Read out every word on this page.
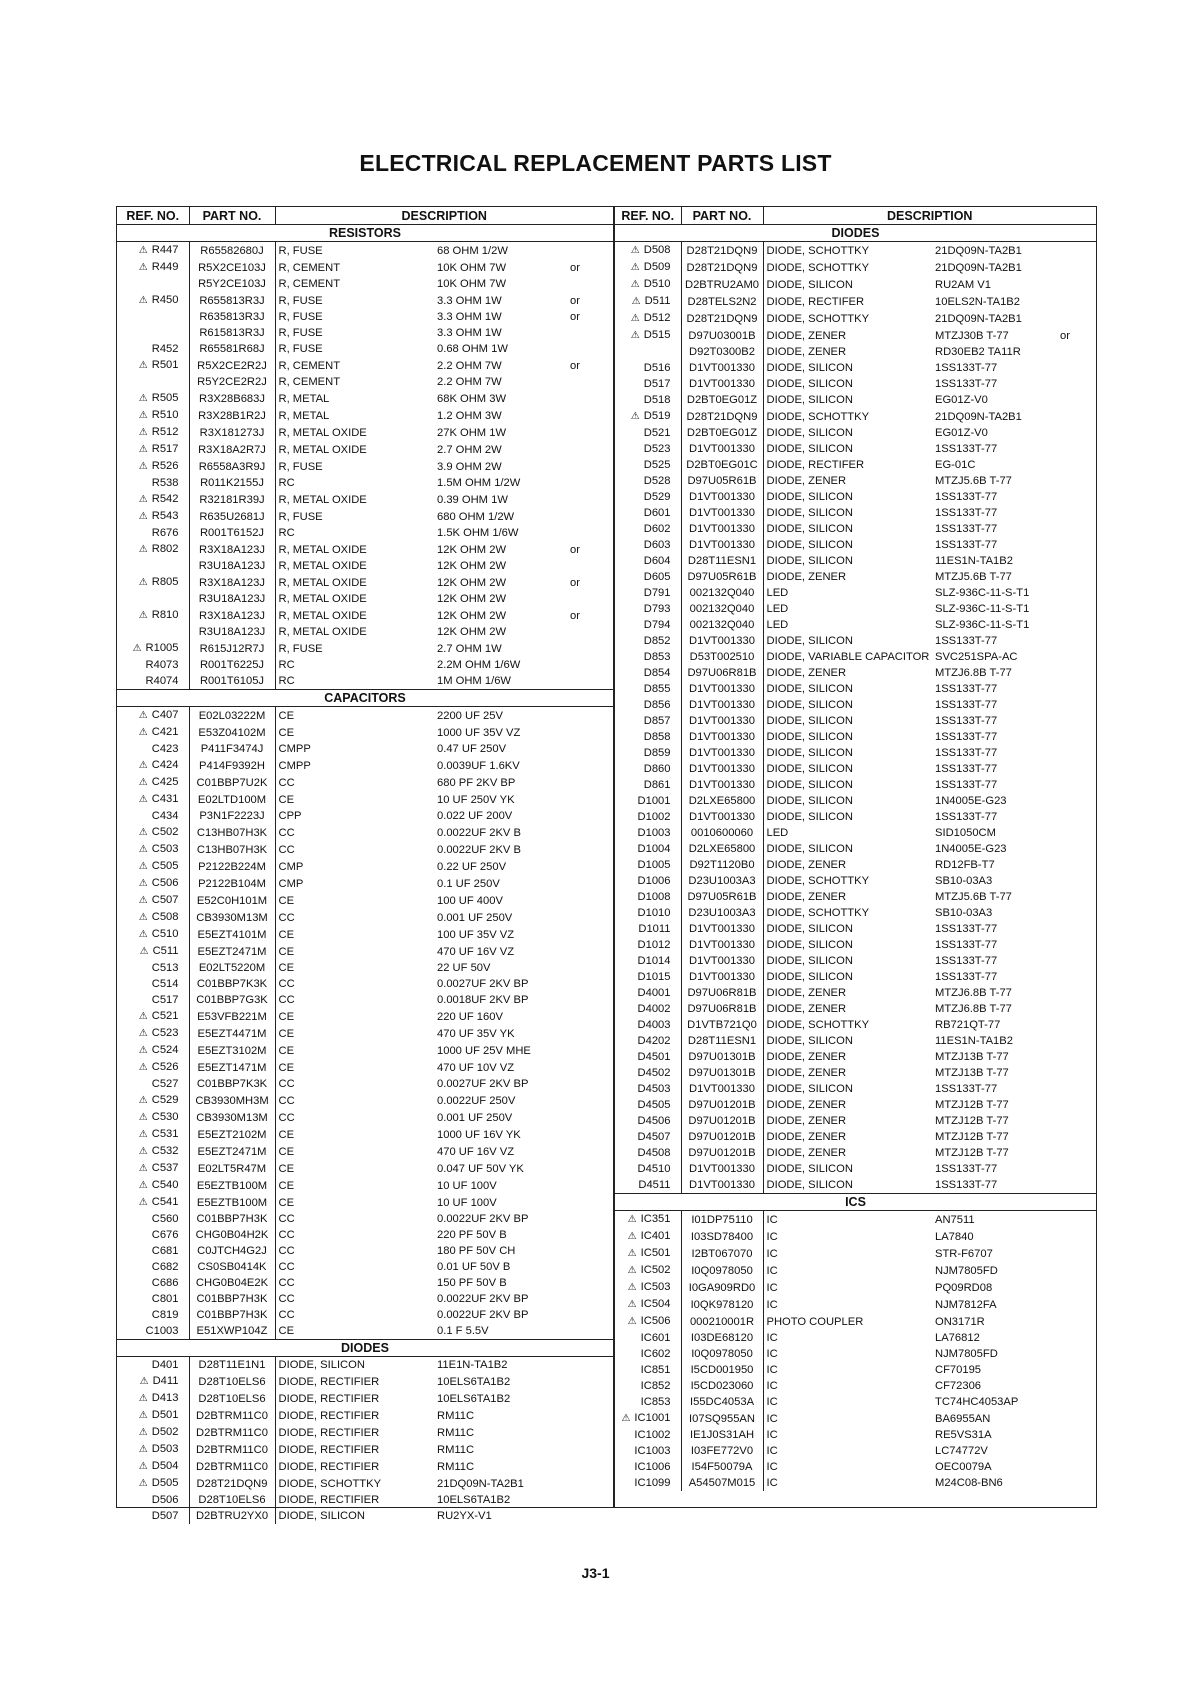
ELECTRICAL REPLACEMENT PARTS LIST
REF. NO.	PART NO.	DESCRIPTION			
RESISTORS					
⚠ R447	R65582680J	R, FUSE	68 OHM 1/2W		
⚠ R449	R5X2CE103J	R, CEMENT	10K OHM 7W	or	
	R5Y2CE103J	R, CEMENT	10K OHM 7W		
⚠ R450	R655813R3J	R, FUSE	3.3 OHM 1W	or	
	R635813R3J	R, FUSE	3.3 OHM 1W	or	
	R615813R3J	R, FUSE	3.3 OHM 1W		
R452	R65581R68J	R, FUSE	0.68 OHM 1W		
⚠ R501	R5X2CE2R2J	R, CEMENT	2.2 OHM 7W	or	
	R5Y2CE2R2J	R, CEMENT	2.2 OHM 7W		
⚠ R505	R3X28B683J	R, METAL	68K OHM 3W		
⚠ R510	R3X28B1R2J	R, METAL	1.2 OHM 3W		
⚠ R512	R3X181273J	R, METAL OXIDE	27K OHM 1W		
⚠ R517	R3X18A2R7J	R, METAL OXIDE	2.7 OHM 2W		
⚠ R526	R6558A3R9J	R, FUSE	3.9 OHM 2W		
R538	R011K2155J	RC	1.5M OHM 1/2W		
⚠ R542	R32181R39J	R, METAL OXIDE	0.39 OHM 1W		
⚠ R543	R635U2681J	R, FUSE	680 OHM 1/2W		
R676	R001T6152J	RC	1.5K OHM 1/6W		
⚠ R802	R3X18A123J	R, METAL OXIDE	12K OHM 2W	or	
	R3U18A123J	R, METAL OXIDE	12K OHM 2W		
⚠ R805	R3X18A123J	R, METAL OXIDE	12K OHM 2W	or	
	R3U18A123J	R, METAL OXIDE	12K OHM 2W		
⚠ R810	R3X18A123J	R, METAL OXIDE	12K OHM 2W	or	
	R3U18A123J	R, METAL OXIDE	12K OHM 2W		
⚠ R1005	R615J12R7J	R, FUSE	2.7 OHM 1W		
R4073	R001T6225J	RC	2.2M OHM 1/6W		
R4074	R001T6105J	RC	1M OHM 1/6W		
CAPACITORS					
⚠ C407	E02L03222M	CE	2200 UF 25V		
⚠ C421	E53Z04102M	CE	1000 UF 35V VZ		
C423	P411F3474J	CMPP	0.47 UF 250V		
⚠ C424	P414F9392H	CMPP	0.0039UF 1.6KV		
⚠ C425	C01BBP7U2K	CC	680 PF 2KV BP		
⚠ C431	E02LTD100M	CE	10 UF 250V YK		
C434	P3N1F2223J	CPP	0.022 UF 200V		
⚠ C502	C13HB07H3K	CC	0.0022UF 2KV B		
⚠ C503	C13HB07H3K	CC	0.0022UF 2KV B		
⚠ C505	P2122B224M	CMP	0.22 UF 250V		
⚠ C506	P2122B104M	CMP	0.1 UF 250V		
⚠ C507	E52C0H101M	CE	100 UF 400V		
⚠ C508	CB3930M13M	CC	0.001 UF 250V		
⚠ C510	E5EZT4101M	CE	100 UF 35V VZ		
⚠ C511	E5EZT2471M	CE	470 UF 16V VZ		
C513	E02LT5220M	CE	22 UF 50V		
C514	C01BBP7K3K	CC	0.0027UF 2KV BP		
C517	C01BBP7G3K	CC	0.0018UF 2KV BP		
⚠ C521	E53VFB221M	CE	220 UF 160V		
⚠ C523	E5EZT4471M	CE	470 UF 35V YK		
⚠ C524	E5EZT3102M	CE	1000 UF 25V MHE		
⚠ C526	E5EZT1471M	CE	470 UF 10V VZ		
C527	C01BBP7K3K	CC	0.0027UF 2KV BP		
⚠ C529	CB3930MH3M	CC	0.0022UF 250V		
⚠ C530	CB3930M13M	CC	0.001 UF 250V		
⚠ C531	E5EZT2102M	CE	1000 UF 16V YK		
⚠ C532	E5EZT2471M	CE	470 UF 16V VZ		
⚠ C537	E02LT5R47M	CE	0.047 UF 50V YK		
⚠ C540	E5EZTB100M	CE	10 UF 100V		
⚠ C541	E5EZTB100M	CE	10 UF 100V		
C560	C01BBP7H3K	CC	0.0022UF 2KV BP		
C676	CHG0B04H2K	CC	220 PF 50V B		
C681	C0JTCH4G2J	CC	180 PF 50V CH		
C682	CS0SB0414K	CC	0.01 UF 50V B		
C686	CHG0B04E2K	CC	150 PF 50V B		
C801	C01BBP7H3K	CC	0.0022UF 2KV BP		
C819	C01BBP7H3K	CC	0.0022UF 2KV BP		
C1003	E51XWP104Z	CE	0.1 F 5.5V		
DIODES					
D401	D28T11E1N1	DIODE, SILICON	11E1N-TA1B2		
⚠ D411	D28T10ELS6	DIODE, RECTIFIER	10ELS6TA1B2		
⚠ D413	D28T10ELS6	DIODE, RECTIFIER	10ELS6TA1B2		
⚠ D501	D2BTRM11C0	DIODE, RECTIFIER	RM11C		
⚠ D502	D2BTRM11C0	DIODE, RECTIFIER	RM11C		
⚠ D503	D2BTRM11C0	DIODE, RECTIFIER	RM11C		
⚠ D504	D2BTRM11C0	DIODE, RECTIFIER	RM11C		
⚠ D505	D28T21DQN9	DIODE, SCHOTTKY	21DQ09N-TA2B1		
D506	D28T10ELS6	DIODE, RECTIFIER	10ELS6TA1B2		
D507	D2BTRU2YX0	DIODE, SILICON	RU2YX-V1		
REF. NO.	PART NO.	DESCRIPTION			
DIODES					
⚠ D508	D28T21DQN9	DIODE, SCHOTTKY	21DQ09N-TA2B1		
⚠ D509	D28T21DQN9	DIODE, SCHOTTKY	21DQ09N-TA2B1		
⚠ D510	D2BTRU2AM0	DIODE, SILICON	RU2AM V1		
⚠ D511	D28TELS2N2	DIODE, RECTIFER	10ELS2N-TA1B2		
⚠ D512	D28T21DQN9	DIODE, SCHOTTKY	21DQ09N-TA2B1		
⚠ D515	D97U03001B	DIODE, ZENER	MTZJ30B T-77	or	
	D92T0300B2	DIODE, ZENER	RD30EB2 TA11R		
D516	D1VT001330	DIODE, SILICON	1SS133T-77		
D517	D1VT001330	DIODE, SILICON	1SS133T-77		
D518	D2BT0EG01Z	DIODE, SILICON	EG01Z-V0		
⚠ D519	D28T21DQN9	DIODE, SCHOTTKY	21DQ09N-TA2B1		
D521	D2BT0EG01Z	DIODE, SILICON	EG01Z-V0		
D523	D1VT001330	DIODE, SILICON	1SS133T-77		
D525	D2BT0EG01C	DIODE, RECTIFER	EG-01C		
D528	D97U05R61B	DIODE, ZENER	MTZJ5.6B T-77		
D529	D1VT001330	DIODE, SILICON	1SS133T-77		
D601	D1VT001330	DIODE, SILICON	1SS133T-77		
D602	D1VT001330	DIODE, SILICON	1SS133T-77		
D603	D1VT001330	DIODE, SILICON	1SS133T-77		
D604	D28T11ESN1	DIODE, SILICON	11ES1N-TA1B2		
D605	D97U05R61B	DIODE, ZENER	MTZJ5.6B T-77		
D791	002132Q040	LED	SLZ-936C-11-S-T1		
D793	002132Q040	LED	SLZ-936C-11-S-T1		
D794	002132Q040	LED	SLZ-936C-11-S-T1		
D852	D1VT001330	DIODE, SILICON	1SS133T-77		
D853	D53T002510	DIODE, VARIABLE CAPACITOR	SVC251SPA-AC		
D854	D97U06R81B	DIODE, ZENER	MTZJ6.8B T-77		
D855	D1VT001330	DIODE, SILICON	1SS133T-77		
D856	D1VT001330	DIODE, SILICON	1SS133T-77		
D857	D1VT001330	DIODE, SILICON	1SS133T-77		
D858	D1VT001330	DIODE, SILICON	1SS133T-77		
D859	D1VT001330	DIODE, SILICON	1SS133T-77		
D860	D1VT001330	DIODE, SILICON	1SS133T-77		
D861	D1VT001330	DIODE, SILICON	1SS133T-77		
D1001	D2LXE65800	DIODE, SILICON	1N4005E-G23		
D1002	D1VT001330	DIODE, SILICON	1SS133T-77		
D1003	0010600060	LED	SID1050CM		
D1004	D2LXE65800	DIODE, SILICON	1N4005E-G23		
D1005	D92T1120B0	DIODE, ZENER	RD12FB-T7		
D1006	D23U1003A3	DIODE, SCHOTTKY	SB10-03A3		
D1008	D97U05R61B	DIODE, ZENER	MTZJ5.6B T-77		
D1010	D23U1003A3	DIODE, SCHOTTKY	SB10-03A3		
D1011	D1VT001330	DIODE, SILICON	1SS133T-77		
D1012	D1VT001330	DIODE, SILICON	1SS133T-77		
D1014	D1VT001330	DIODE, SILICON	1SS133T-77		
D1015	D1VT001330	DIODE, SILICON	1SS133T-77		
D4001	D97U06R81B	DIODE, ZENER	MTZJ6.8B T-77		
D4002	D97U06R81B	DIODE, ZENER	MTZJ6.8B T-77		
D4003	D1VTB721Q0	DIODE, SCHOTTKY	RB721QT-77		
D4202	D28T11ESN1	DIODE, SILICON	11ES1N-TA1B2		
D4501	D97U01301B	DIODE, ZENER	MTZJ13B T-77		
D4502	D97U01301B	DIODE, ZENER	MTZJ13B T-77		
D4503	D1VT001330	DIODE, SILICON	1SS133T-77		
D4505	D97U01201B	DIODE, ZENER	MTZJ12B T-77		
D4506	D97U01201B	DIODE, ZENER	MTZJ12B T-77		
D4507	D97U01201B	DIODE, ZENER	MTZJ12B T-77		
D4508	D97U01201B	DIODE, ZENER	MTZJ12B T-77		
D4510	D1VT001330	DIODE, SILICON	1SS133T-77		
D4511	D1VT001330	DIODE, SILICON	1SS133T-77		
ICS					
⚠ IC351	I01DP75110	IC	AN7511		
⚠ IC401	I03SD78400	IC	LA7840		
⚠ IC501	I2BT067070	IC	STR-F6707		
⚠ IC502	I0Q0978050	IC	NJM7805FD		
⚠ IC503	I0GA909RD0	IC	PQ09RD08		
⚠ IC504	I0QK978120	IC	NJM7812FA		
⚠ IC506	000210001R	PHOTO COUPLER	ON3171R		
IC601	I03DE68120	IC	LA76812		
IC602	I0Q0978050	IC	NJM7805FD		
IC851	I5CD001950	IC	CF70195		
IC852	I5CD023060	IC	CF72306		
IC853	I55DC4053A	IC	TC74HC4053AP		
⚠ IC1001	I07SQ955AN	IC	BA6955AN		
IC1002	IE1J0S31AH	IC	RE5VS31A		
IC1003	I03FE772V0	IC	LC74772V		
IC1006	I54F50079A	IC	OEC0079A		
IC1099	A54507M015	IC	M24C08-BN6		
J3-1
